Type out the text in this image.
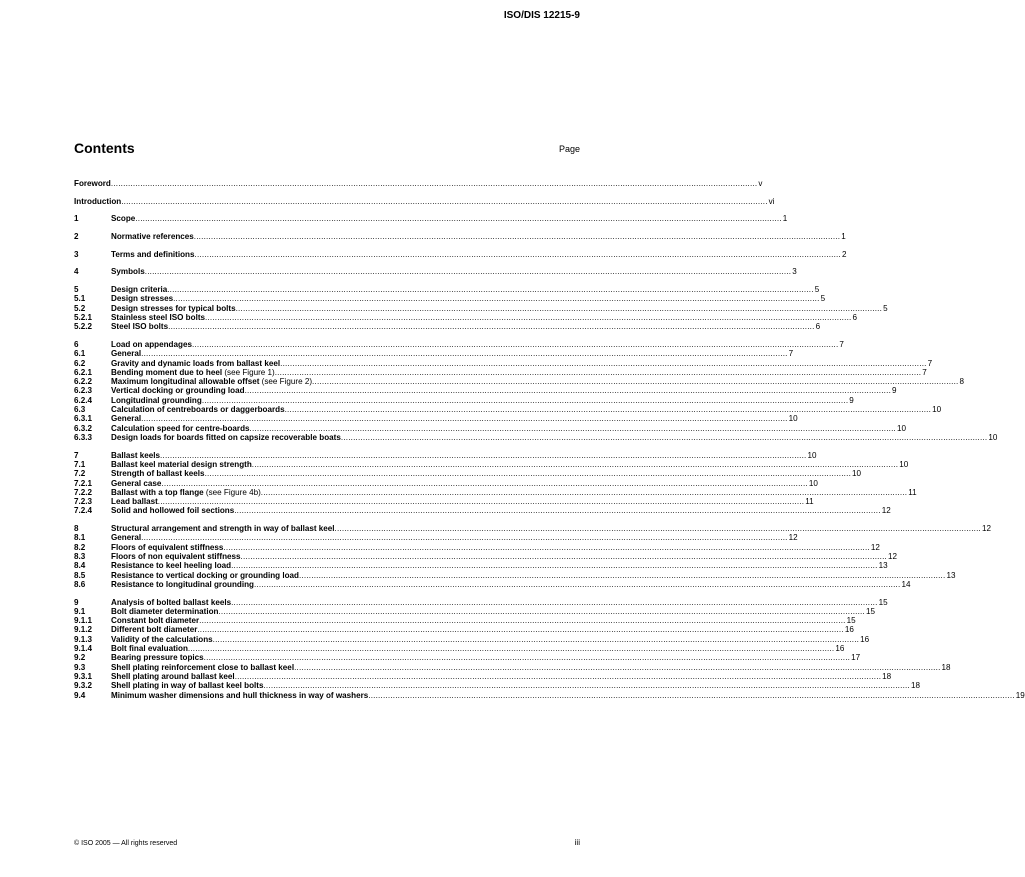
ISO/DIS 12215-9
Contents	Page
Foreword .....	v
Introduction .....	vi
1	Scope .....	1
2	Normative references .....	1
3	Terms and definitions .....	2
4	Symbols .....	3
5	Design criteria .....	5
5.1	Design stresses .....	5
5.2	Design stresses for typical bolts .....	5
5.2.1	Stainless steel ISO bolts .....	6
5.2.2	Steel ISO bolts .....	6
6	Load on appendages .....	7
6.1	General .....	7
6.2	Gravity and dynamic loads from ballast keel .....	7
6.2.1	Bending moment due to heel (see Figure 1) .....	7
6.2.2	Maximum longitudinal allowable offset (see Figure 2) .....	8
6.2.3	Vertical docking or grounding load .....	9
6.2.4	Longitudinal grounding .....	9
6.3	Calculation of centreboards or daggerboards .....	10
6.3.1	General .....	10
6.3.2	Calculation speed for centre-boards .....	10
6.3.3	Design loads for boards fitted on capsize recoverable boats .....	10
7	Ballast keels .....	10
7.1	Ballast keel material design strength .....	10
7.2	Strength of ballast keels .....	10
7.2.1	General case .....	10
7.2.2	Ballast with a top flange (see Figure 4b) .....	11
7.2.3	Lead ballast .....	11
7.2.4	Solid and hollowed foil sections .....	12
8	Structural arrangement and strength in way of ballast keel .....	12
8.1	General .....	12
8.2	Floors of equivalent stiffness .....	12
8.3	Floors of non equivalent stiffness .....	12
8.4	Resistance to keel heeling load .....	13
8.5	Resistance to vertical docking or grounding load .....	13
8.6	Resistance to longitudinal grounding .....	14
9	Analysis of bolted ballast keels .....	15
9.1	Bolt diameter determination .....	15
9.1.1	Constant bolt diameter .....	15
9.1.2	Different bolt diameter .....	16
9.1.3	Validity of the calculations .....	16
9.1.4	Bolt final evaluation .....	16
9.2	Bearing pressure topics .....	17
9.3	Shell plating reinforcement close to ballast keel .....	18
9.3.1	Shell plating around ballast keel .....	18
9.3.2	Shell plating in way of ballast keel bolts .....	18
9.4	Minimum washer dimensions and hull thickness in way of washers .....	19
© ISO 2005 — All rights reserved	iii
